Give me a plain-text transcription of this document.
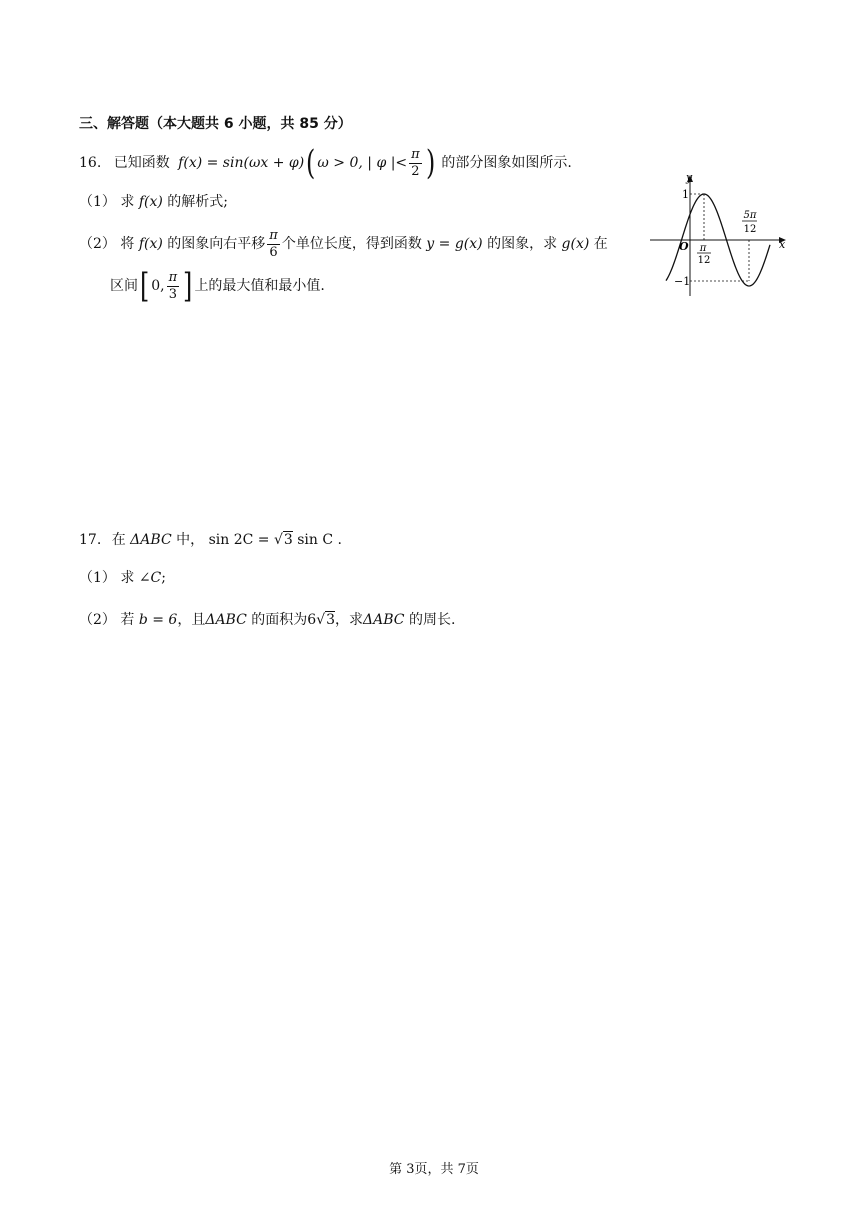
三、解答题（本大题共 6 小题，共 85 分）
16. 已知函数 f(x) = sin(ωx + φ)( ω > 0, | φ |< $\frac{\pi}{2}$ ) 的部分图象如图所示.
（1） 求 f(x) 的解析式;
（2） 将 f(x) 的图象向右平移 $\frac{\pi}{6}$ 个单位长度，得到函数 y = g(x) 的图象，求 g(x) 在
区间[ 0, $\frac{\pi}{3}$ ] 上的最大值和最小值.
y
x
O
1
−1
π
12
5π
12
17. 在 ΔABC 中， sin 2C = √3 sin C .
（1） 求 ∠C;
（2） 若 b = 6，且ΔABC 的面积为6√3，求ΔABC 的周长.
第 3页，共 7页
